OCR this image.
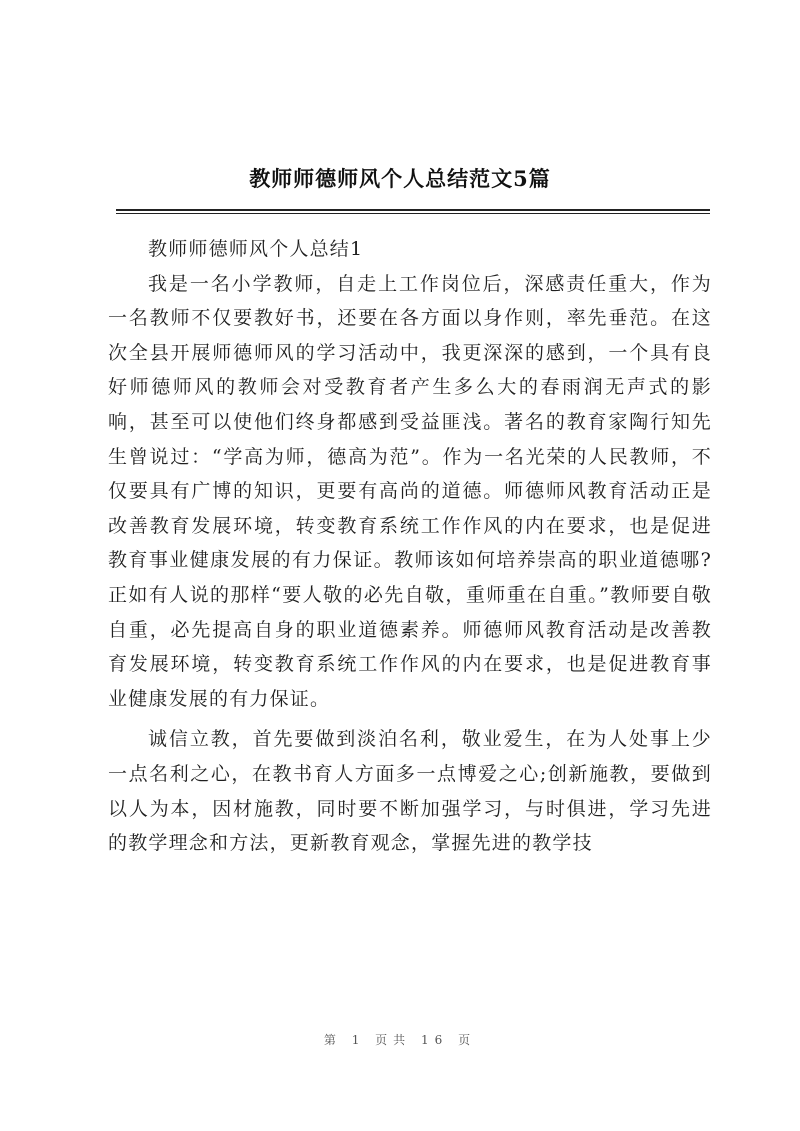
教师师德师风个人总结范文5篇

教师师德师风个人总结1

我是一名小学教师，自走上工作岗位后，深感责任重大，作为一名教师不仅要教好书，还要在各方面以身作则，率先垂范。在这次全县开展师德师风的学习活动中，我更深深的感到，一个具有良好师德师风的教师会对受教育者产生多么大的春雨润无声式的影响，甚至可以使他们终身都感到受益匪浅。著名的教育家陶行知先生曾说过：“学高为师，德高为范”。作为一名光荣的人民教师，不仅要具有广博的知识，更要有高尚的道德。师德师风教育活动正是改善教育发展环境，转变教育系统工作作风的内在要求，也是促进教育事业健康发展的有力保证。教师该如何培养崇高的职业道德哪?正如有人说的那样“要人敬的必先自敬，重师重在自重。”教师要自敬自重，必先提高自身的职业道德素养。师德师风教育活动是改善教育发展环境，转变教育系统工作作风的内在要求，也是促进教育事业健康发展的有力保证。

诚信立教，首先要做到淡泊名利，敬业爱生，在为人处事上少一点名利之心，在教书育人方面多一点博爱之心;创新施教，要做到以人为本，因材施教，同时要不断加强学习，与时俱进，学习先进的教学理念和方法，更新教育观念，掌握先进的教学技

第 1 页共 16 页
